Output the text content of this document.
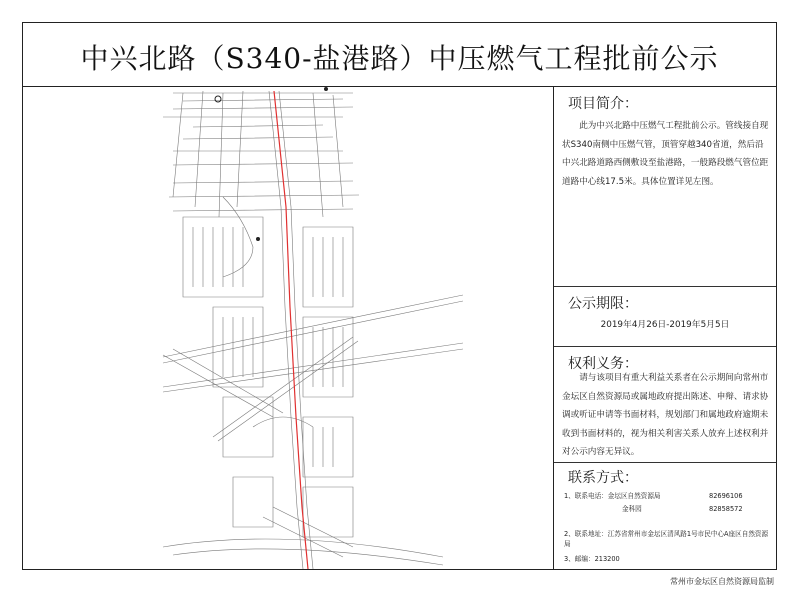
中兴北路（S340-盐港路）中压燃气工程批前公示
项目简介：
此为中兴北路中压燃气工程批前公示。管线接自现状S340南侧中压燃气管，顶管穿越340省道，然后沿中兴北路道路西侧敷设至盐港路，一般路段燃气管位距道路中心线17.5米。具体位置详见左图。
公示期限：
2019年4月26日-2019年5月5日
权利义务：
请与该项目有重大利益关系者在公示期间向常州市金坛区自然资源局或属地政府提出陈述、申辩、请求协调或听证申请等书面材料，规划部门和属地政府逾期未收到书面材料的，视为相关利害关系人放弃上述权利并对公示内容无异议。
联系方式：
1、联系电话：金坛区自然资源局	82696106
金科园	82858572
2、联系地址：江苏省常州市金坛区清风路1号市民中心A座区自然资源局
3、邮编：213200
常州市金坛区自然资源局监制
